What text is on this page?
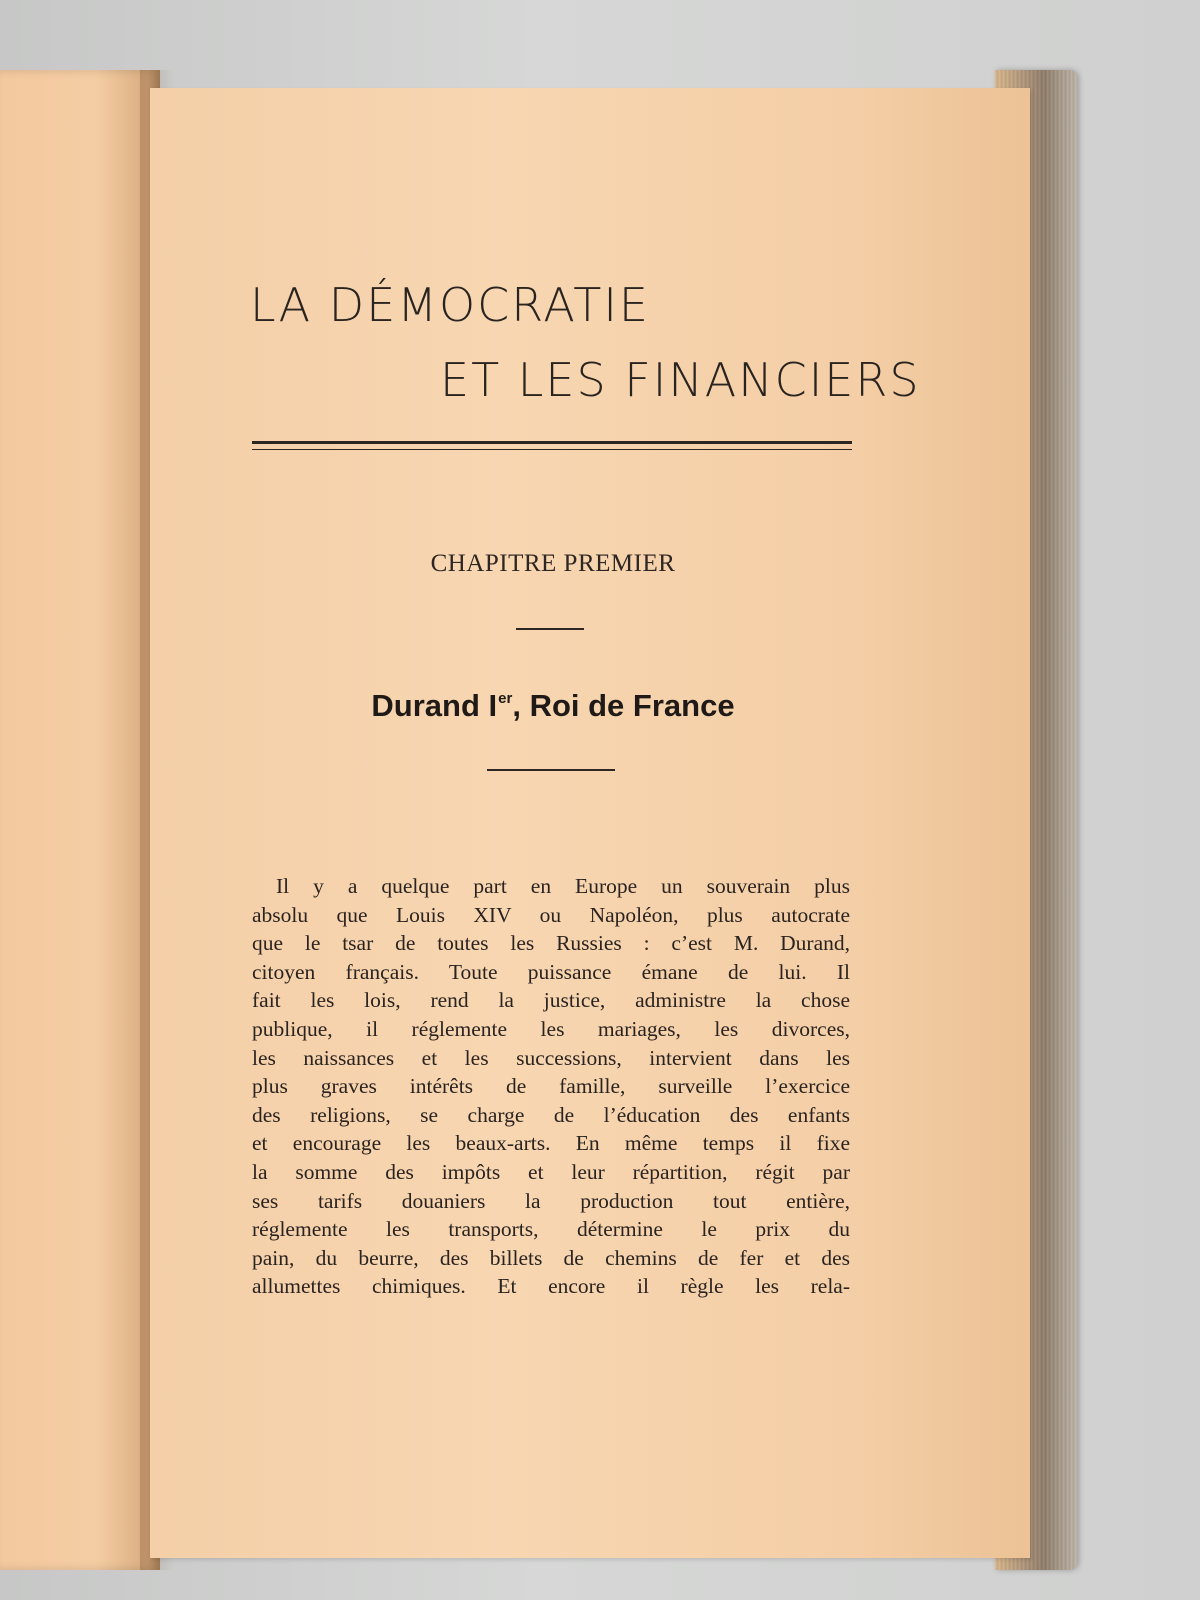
LA DÉMOCRATIE
ET LES FINANCIERS
CHAPITRE PREMIER
Durand Ier, Roi de France
Il y a quelque part en Europe un souverain plus
absolu que Louis XIV ou Napoléon, plus autocrate
que le tsar de toutes les Russies : c’est M. Durand,
citoyen français. Toute puissance émane de lui. Il
fait les lois, rend la justice, administre la chose
publique, il réglemente les mariages, les divorces,
les naissances et les successions, intervient dans les
plus graves intérêts de famille, surveille l’exercice
des religions, se charge de l’éducation des enfants
et encourage les beaux-arts. En même temps il fixe
la somme des impôts et leur répartition, régit par
ses tarifs douaniers la production tout entière,
réglemente les transports, détermine le prix du
pain, du beurre, des billets de chemins de fer et des
allumettes chimiques. Et encore il règle les rela-
